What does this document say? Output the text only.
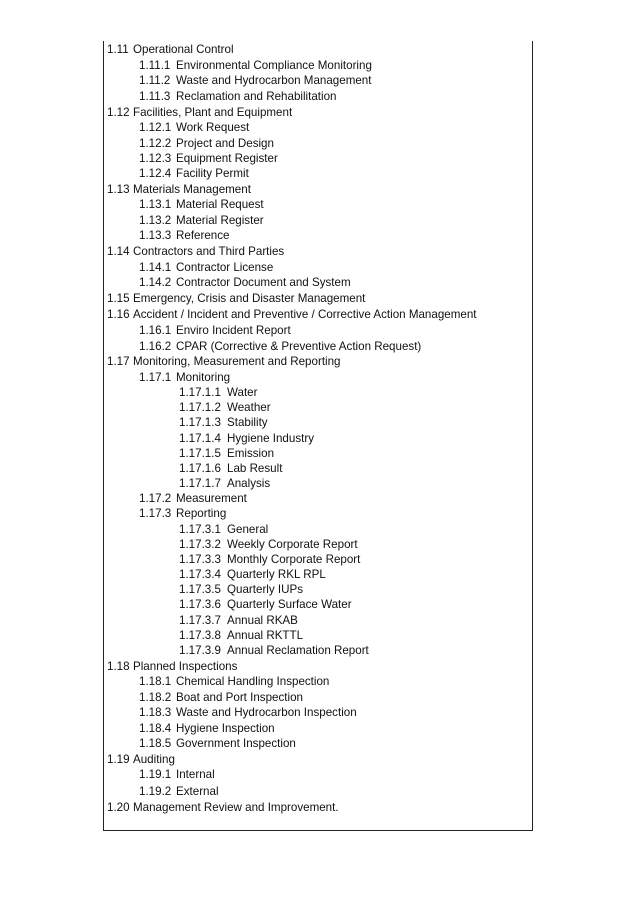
1.11 Operational Control
1.11.1 Environmental Compliance Monitoring
1.11.2 Waste and Hydrocarbon Management
1.11.3 Reclamation and Rehabilitation
1.12 Facilities, Plant and Equipment
1.12.1 Work Request
1.12.2 Project and Design
1.12.3 Equipment Register
1.12.4 Facility Permit
1.13 Materials Management
1.13.1 Material Request
1.13.2 Material Register
1.13.3 Reference
1.14 Contractors and Third Parties
1.14.1 Contractor License
1.14.2 Contractor Document and System
1.15 Emergency, Crisis and Disaster Management
1.16 Accident / Incident and Preventive / Corrective Action Management
1.16.1 Enviro Incident Report
1.16.2 CPAR (Corrective & Preventive Action Request)
1.17 Monitoring, Measurement and Reporting
1.17.1 Monitoring
1.17.1.1 Water
1.17.1.2 Weather
1.17.1.3 Stability
1.17.1.4 Hygiene Industry
1.17.1.5 Emission
1.17.1.6 Lab Result
1.17.1.7 Analysis
1.17.2 Measurement
1.17.3 Reporting
1.17.3.1 General
1.17.3.2 Weekly Corporate Report
1.17.3.3 Monthly Corporate Report
1.17.3.4 Quarterly RKL RPL
1.17.3.5 Quarterly IUPs
1.17.3.6 Quarterly Surface Water
1.17.3.7 Annual RKAB
1.17.3.8 Annual RKTTL
1.17.3.9 Annual Reclamation Report
1.18 Planned Inspections
1.18.1 Chemical Handling Inspection
1.18.2 Boat and Port Inspection
1.18.3 Waste and Hydrocarbon Inspection
1.18.4 Hygiene Inspection
1.18.5 Government Inspection
1.19 Auditing
1.19.1 Internal
1.19.2 External
1.20 Management Review and Improvement.
